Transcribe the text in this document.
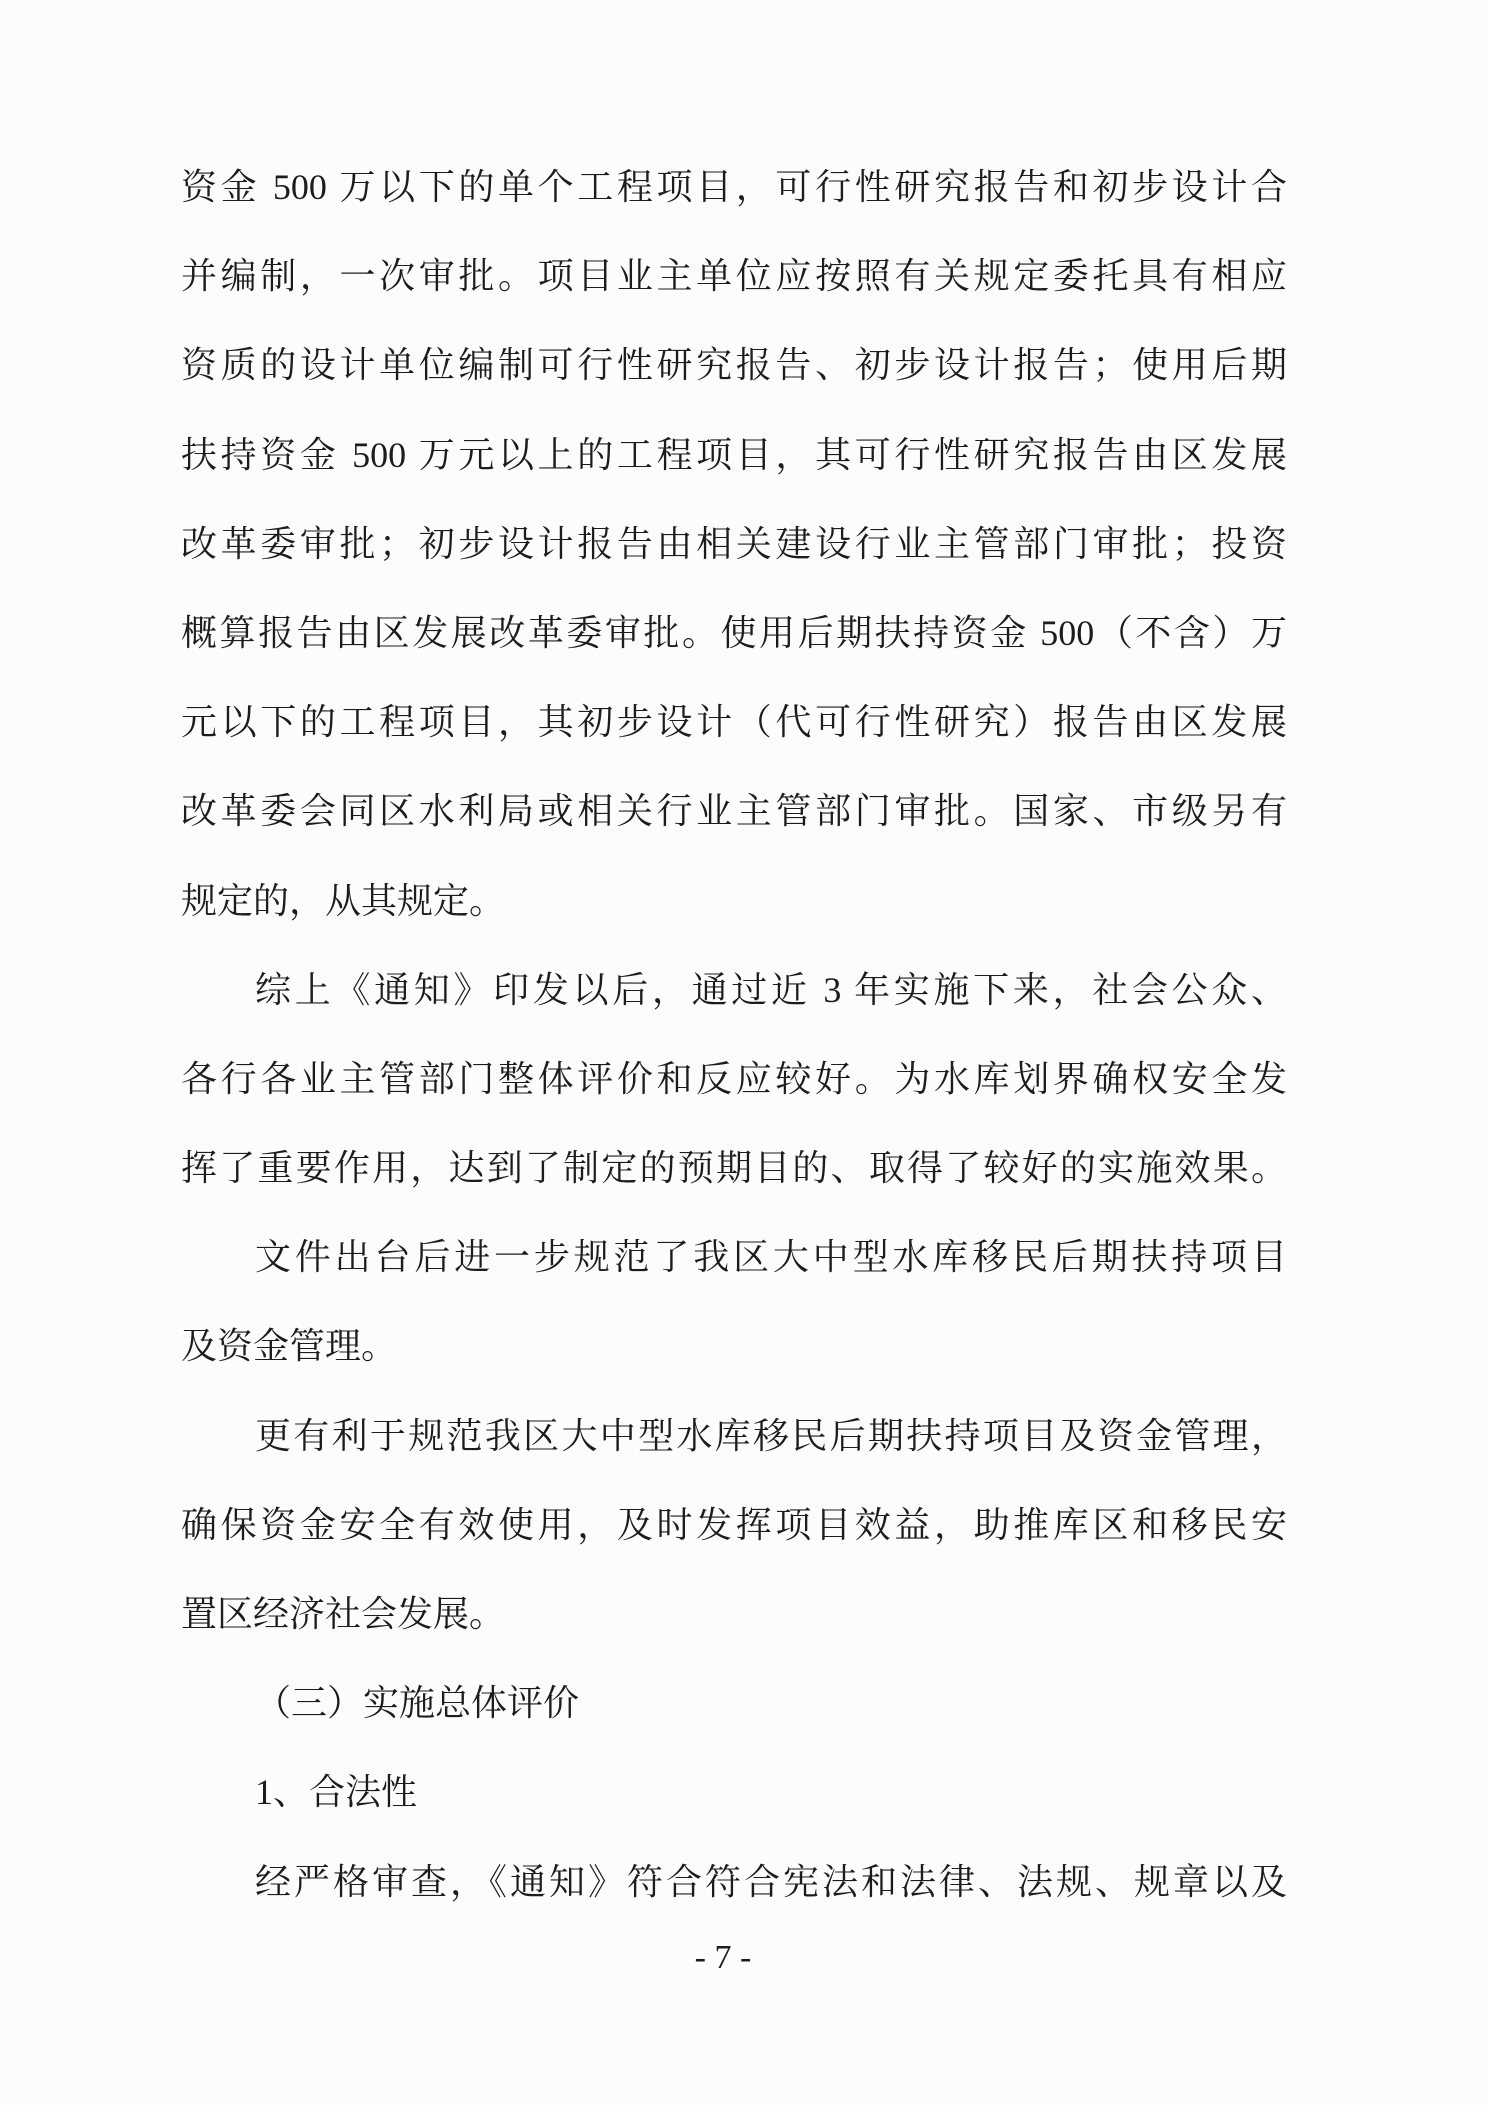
资金 500 万以下的单个工程项目，可行性研究报告和初步设计合
并编制，一次审批。项目业主单位应按照有关规定委托具有相应
资质的设计单位编制可行性研究报告、初步设计报告；使用后期
扶持资金 500 万元以上的工程项目，其可行性研究报告由区发展
改革委审批；初步设计报告由相关建设行业主管部门审批；投资
概算报告由区发展改革委审批。使用后期扶持资金 500（不含）万
元以下的工程项目，其初步设计（代可行性研究）报告由区发展
改革委会同区水利局或相关行业主管部门审批。国家、市级另有
规定的，从其规定。
综上《通知》印发以后，通过近 3 年实施下来，社会公众、
各行各业主管部门整体评价和反应较好。为水库划界确权安全发
挥了重要作用，达到了制定的预期目的、取得了较好的实施效果。
文件出台后进一步规范了我区大中型水库移民后期扶持项目
及资金管理。
更有利于规范我区大中型水库移民后期扶持项目及资金管理，
确保资金安全有效使用，及时发挥项目效益，助推库区和移民安
置区经济社会发展。
（三）实施总体评价
1、合法性
经严格审查，《通知》符合符合宪法和法律、法规、规章以及
- 7 -
